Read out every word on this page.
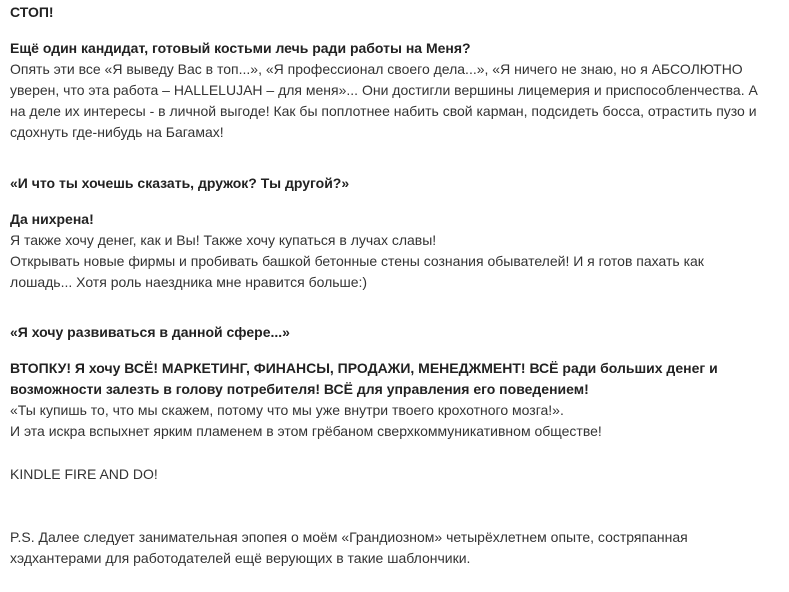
СТОП!
Ещё один кандидат, готовый костьми лечь ради работы на Меня?
Опять эти все «Я выведу Вас в топ...», «Я профессионал своего дела...», «Я ничего не знаю, но я АБСОЛЮТНО
уверен, что эта работа – HALLELUJAH – для меня»... Они достигли вершины лицемерия и приспособленчества. А
на деле их интересы - в личной выгоде! Как бы поплотнее набить свой карман, подсидеть босса, отрастить пузо и
сдохнуть где-нибудь на Багамах!
«И что ты хочешь сказать, дружок? Ты другой?»
Да нихрена!
Я также хочу денег, как и Вы! Также хочу купаться в лучах славы!
Открывать новые фирмы и пробивать башкой бетонные стены сознания обывателей! И я готов пахать как
лошадь... Хотя роль наездника мне нравится больше:)
«Я хочу развиваться в данной сфере...»
ВТОПКУ! Я хочу ВСЁ! МАРКЕТИНГ, ФИНАНСЫ, ПРОДАЖИ, МЕНЕДЖМЕНТ! ВСЁ ради больших денег и
возможности залезть в голову потребителя! ВСЁ для управления его поведением!
«Ты купишь то, что мы скажем, потому что мы уже внутри твоего крохотного мозга!».
И эта искра вспыхнет ярким пламенем в этом грёбаном сверхкоммуникативном обществе!
KINDLE FIRE AND DO!
P.S. Далее следует занимательная эпопея о моём «Грандиозном» четырёхлетнем опыте, состряпанная
хэдхантерами для работодателей ещё верующих в такие шаблончики.
